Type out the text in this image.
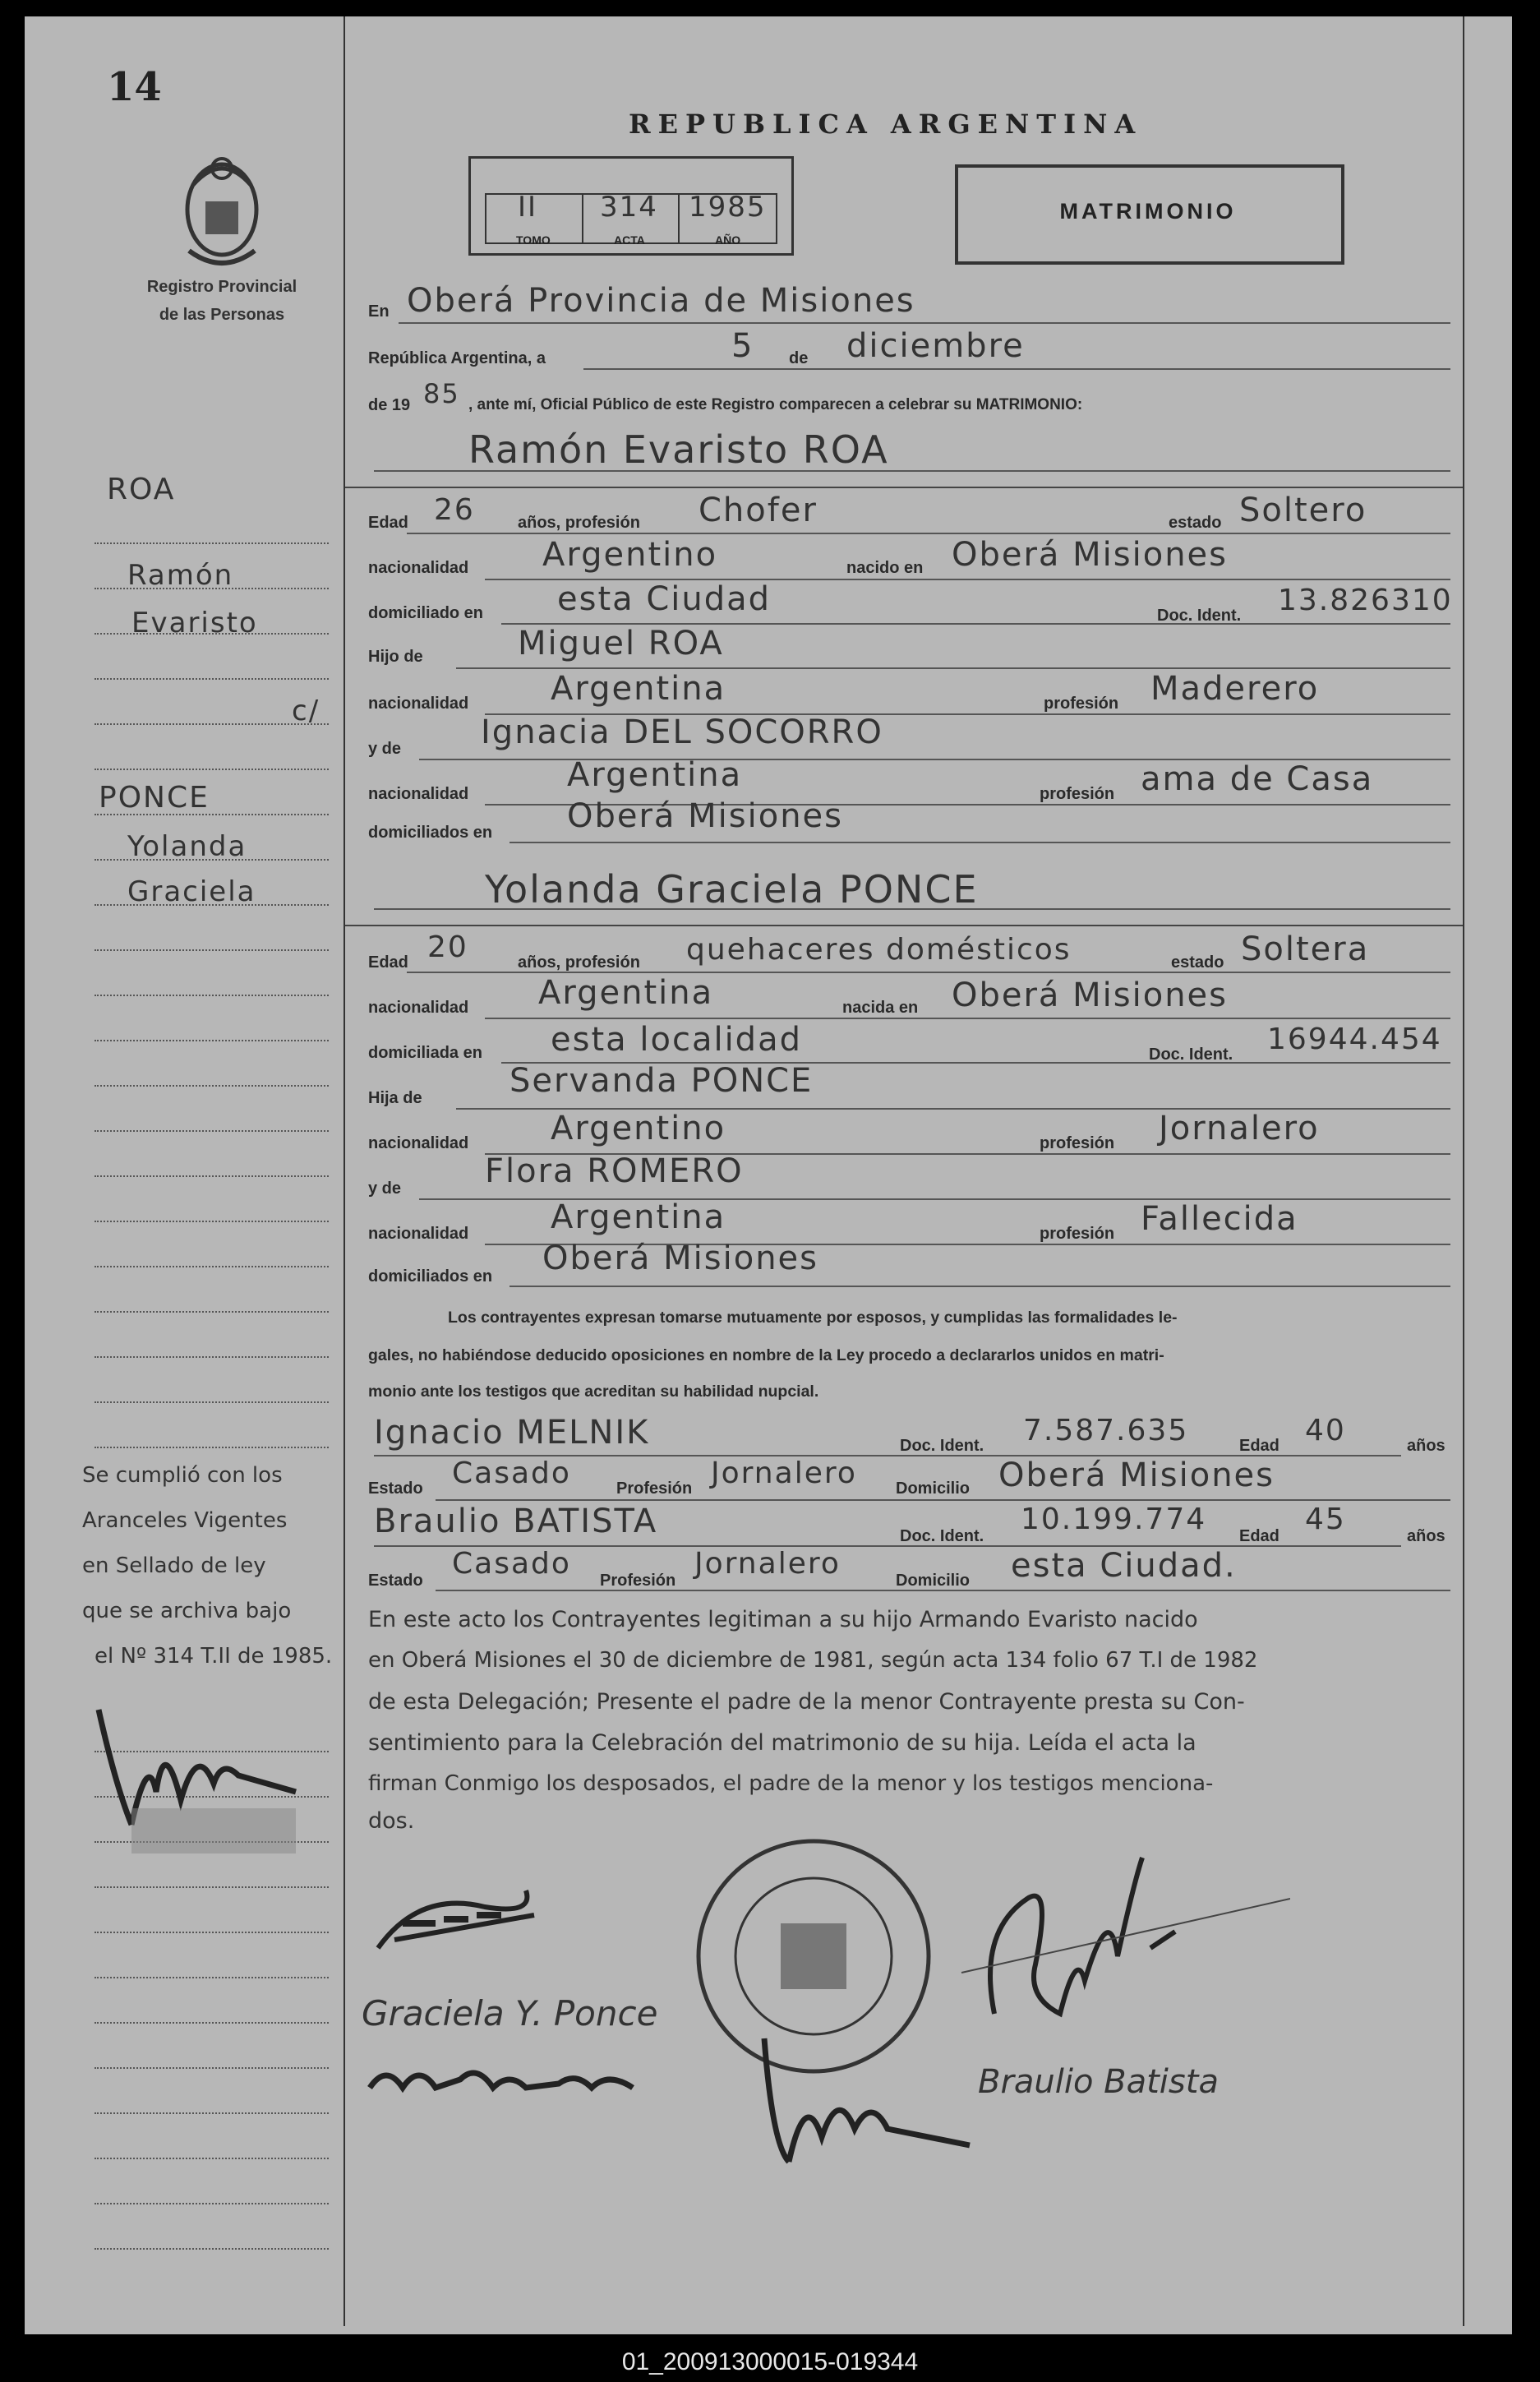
14
Registro Provincial
de las Personas
REPUBLICA ARGENTINA
II 314 1985
TOMO	ACTA	AÑO
MATRIMONIO
En Oberá Provincia de Misiones
República Argentina, a	5 de diciembre
de 19 85 , ante mí, Oficial Público de este Registro comparecen a celebrar su MATRIMONIO:
Ramón Evaristo ROA
Edad 26	años, profesión Chofer	estado Soltero
nacionalidad Argentino	nacido en Oberá Misiones
domiciliado en esta Ciudad	Doc. Ident. 13.826310
Hijo de	Miguel ROA
nacionalidad Argentina	profesión Maderero
y de Ignacia DEL SOCORRO
nacionalidad	Argentina	profesión ama de Casa
domiciliados en Oberá Misiones
Yolanda Graciela PONCE
Edad 20	años, profesión quehaceres domésticos	estado Soltera
nacionalidad Argentina	nacida en Oberá Misiones
domiciliada en esta localidad	Doc. Ident. 16944.454
Hija de	Servanda PONCE
nacionalidad Argentino	profesión Jornalero
y de	Flora ROMERO
nacionalidad Argentina	profesión Fallecida
domiciliados en Oberá Misiones
Los contrayentes expresan tomarse mutuamente por esposos, y cumplidas las formalidades le-
gales, no habiéndose deducido oposiciones en nombre de la Ley procedo a declararlos unidos en matri-
monio ante los testigos que acreditan su habilidad nupcial.
Ignacio MELNIK	Doc. Ident. 7.587.635	Edad 40	años
Estado Casado	Profesión Jornalero Domicilio Oberá Misiones
Braulio BATISTA	Doc. Ident. 10.199.774 Edad 45	años
Estado Casado Profesión Jornalero	Domicilio esta Ciudad.
En este acto los Contrayentes legitiman a su hijo Armando Evaristo nacido
en Oberá Misiones el 30 de diciembre de 1981, según acta 134 folio 67 T.I de 1982
de esta Delegación; Presente el padre de la menor Contrayente presta su Con-
sentimiento para la Celebración del matrimonio de su hija. Leída el acta la
firman Conmigo los desposados, el padre de la menor y los testigos menciona-
dos.
ROA
Ramón
Evaristo
c/
PONCE
Yolanda
Graciela
Se cumplió con los
Aranceles Vigentes
en Sellado de ley
que se archiva bajo
el Nº 314 T.II de 1985.
Graciela Y. Ponce
Braulio Batista
01_200913000015-019344
